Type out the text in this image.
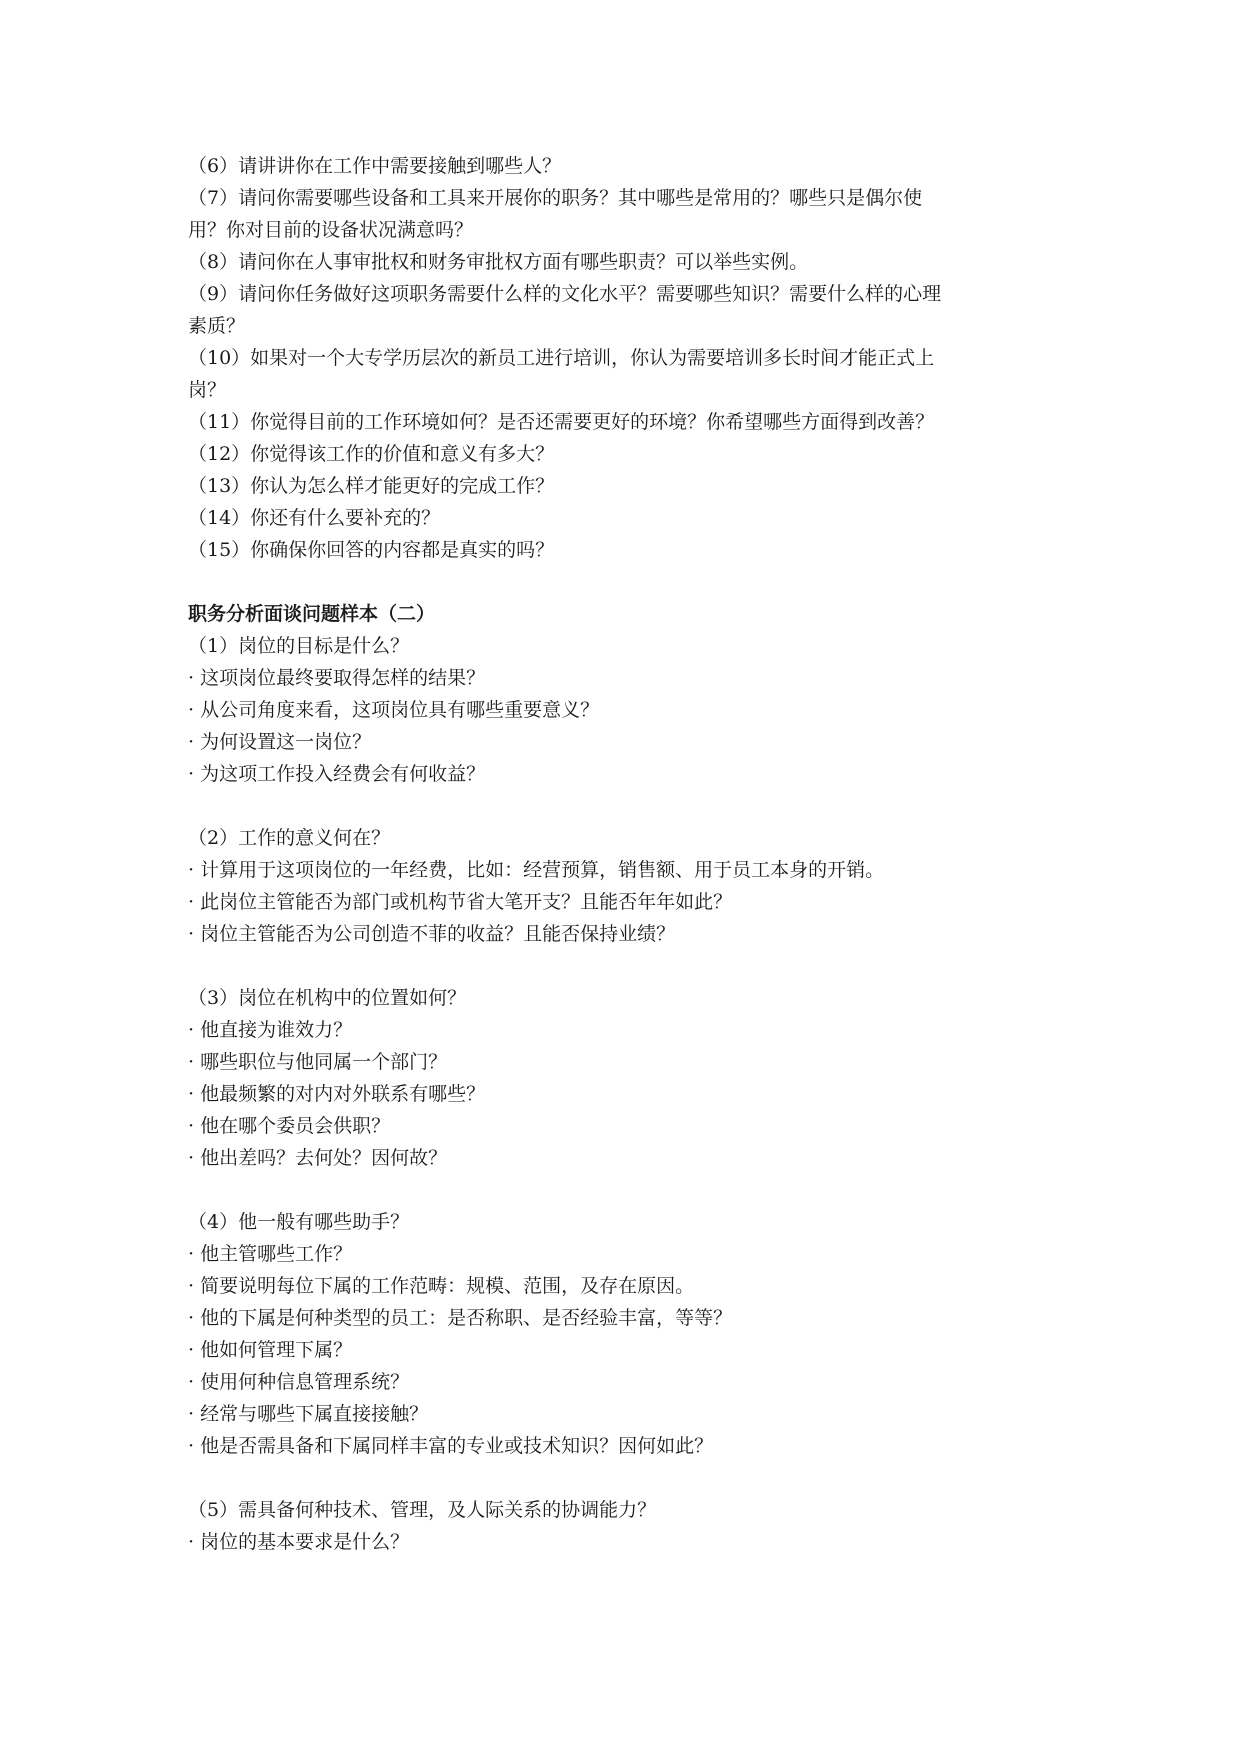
（6）请讲讲你在工作中需要接触到哪些人？
（7）请问你需要哪些设备和工具来开展你的职务？其中哪些是常用的？哪些只是偶尔使
用？你对目前的设备状况满意吗？
（8）请问你在人事审批权和财务审批权方面有哪些职责？可以举些实例。
（9）请问你任务做好这项职务需要什么样的文化水平？需要哪些知识？需要什么样的心理
素质？
（10）如果对一个大专学历层次的新员工进行培训，你认为需要培训多长时间才能正式上
岗？
（11）你觉得目前的工作环境如何？是否还需要更好的环境？你希望哪些方面得到改善？
（12）你觉得该工作的价值和意义有多大？
（13）你认为怎么样才能更好的完成工作？
（14）你还有什么要补充的？
（15）你确保你回答的内容都是真实的吗？
职务分析面谈问题样本（二）
（1）岗位的目标是什么？
· 这项岗位最终要取得怎样的结果？
· 从公司角度来看，这项岗位具有哪些重要意义？
· 为何设置这一岗位？
· 为这项工作投入经费会有何收益？
（2）工作的意义何在？
· 计算用于这项岗位的一年经费，比如：经营预算，销售额、用于员工本身的开销。
· 此岗位主管能否为部门或机构节省大笔开支？且能否年年如此？
· 岗位主管能否为公司创造不菲的收益？且能否保持业绩？
（3）岗位在机构中的位置如何？
· 他直接为谁效力？
· 哪些职位与他同属一个部门？
· 他最频繁的对内对外联系有哪些？
· 他在哪个委员会供职？
· 他出差吗？去何处？因何故？
（4）他一般有哪些助手？
· 他主管哪些工作？
· 简要说明每位下属的工作范畴：规模、范围，及存在原因。
· 他的下属是何种类型的员工：是否称职、是否经验丰富，等等？
· 他如何管理下属？
· 使用何种信息管理系统？
· 经常与哪些下属直接接触？
· 他是否需具备和下属同样丰富的专业或技术知识？因何如此？
（5）需具备何种技术、管理，及人际关系的协调能力？
· 岗位的基本要求是什么？
